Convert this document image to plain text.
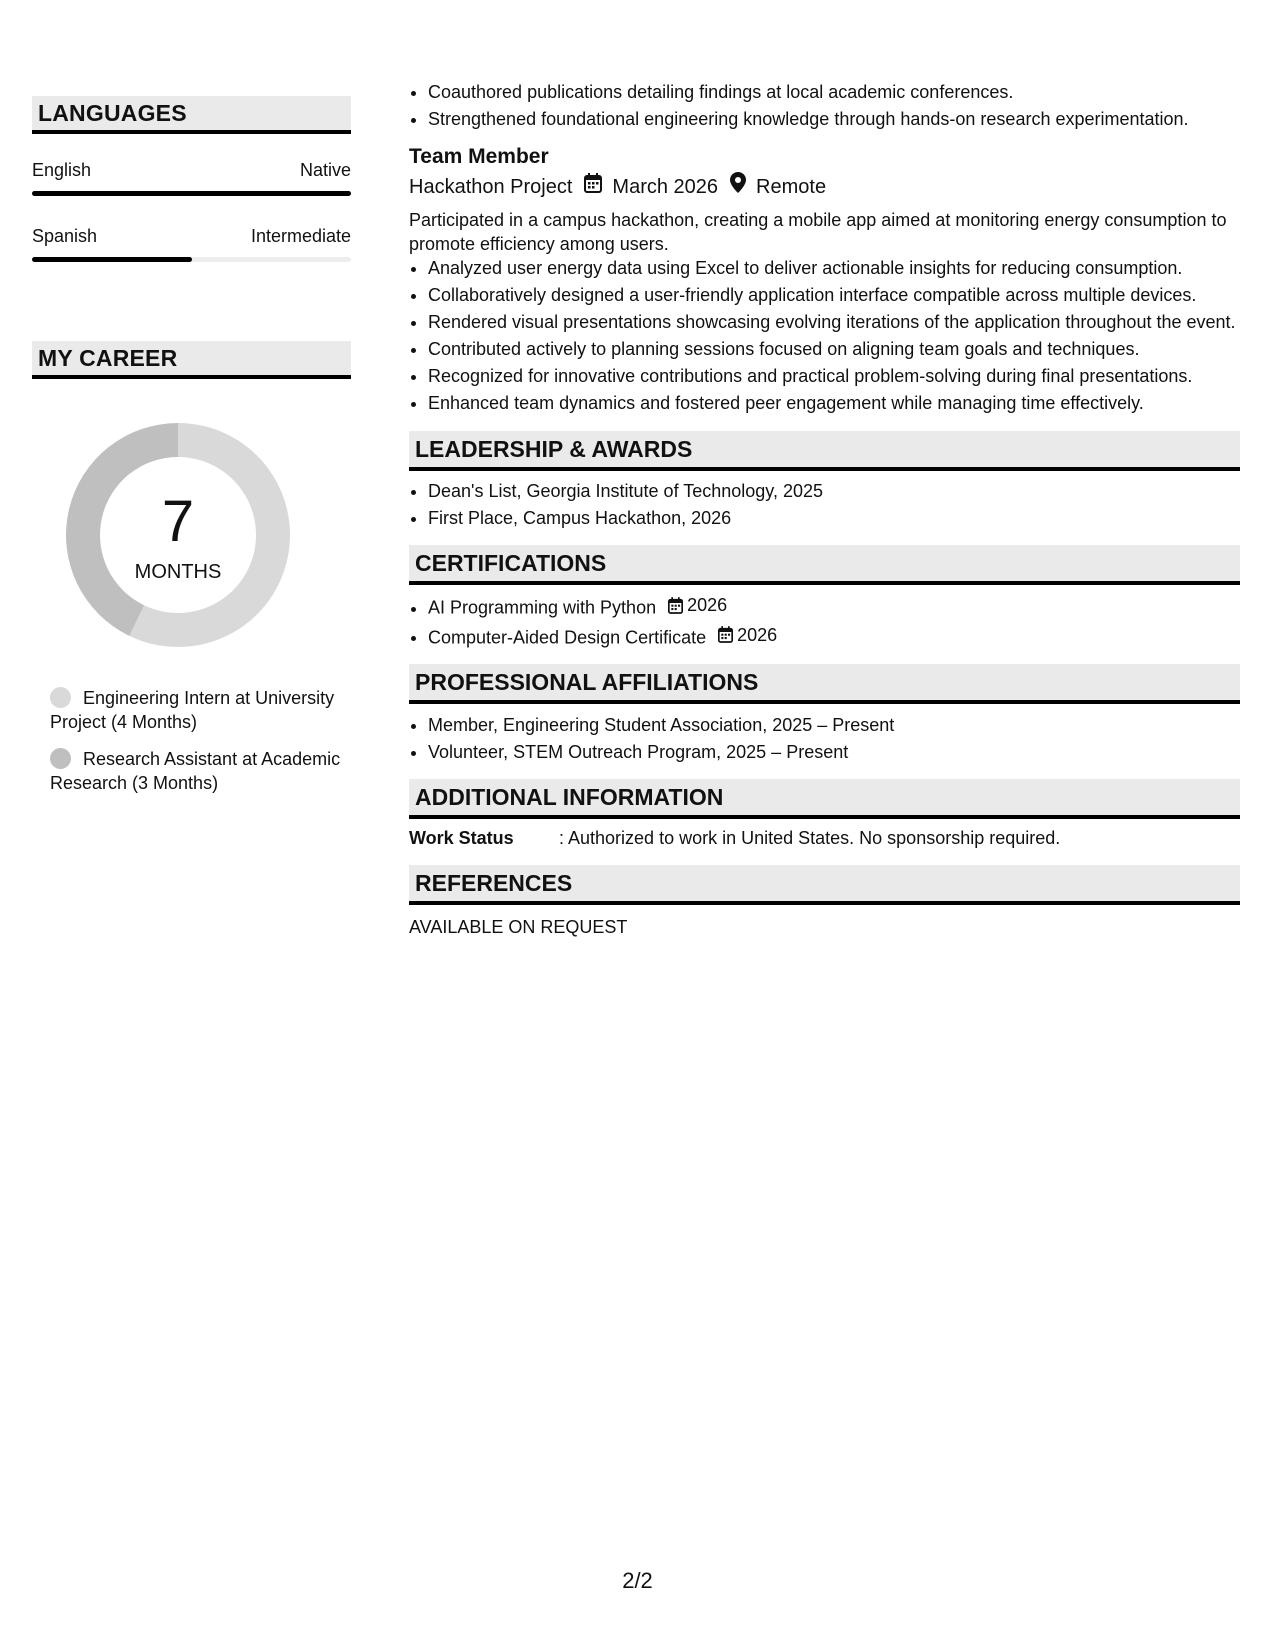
LANGUAGES
English	Native
Spanish	Intermediate
MY CAREER
7
MONTHS
Engineering Intern at University Project (4 Months)
Research Assistant at Academic Research (3 Months)
• Coauthored publications detailing findings at local academic conferences.
• Strengthened foundational engineering knowledge through hands-on research experimentation.
Team Member
Hackathon Project March 2026 Remote
Participated in a campus hackathon, creating a mobile app aimed at monitoring energy consumption to promote efficiency among users.
• Analyzed user energy data using Excel to deliver actionable insights for reducing consumption.
• Collaboratively designed a user-friendly application interface compatible across multiple devices.
• Rendered visual presentations showcasing evolving iterations of the application throughout the event.
• Contributed actively to planning sessions focused on aligning team goals and techniques.
• Recognized for innovative contributions and practical problem-solving during final presentations.
• Enhanced team dynamics and fostered peer engagement while managing time effectively.
LEADERSHIP & AWARDS
• Dean's List, Georgia Institute of Technology, 2025
• First Place, Campus Hackathon, 2026
CERTIFICATIONS
• AI Programming with Python 2026
• Computer-Aided Design Certificate 2026
PROFESSIONAL AFFILIATIONS
• Member, Engineering Student Association, 2025 – Present
• Volunteer, STEM Outreach Program, 2025 – Present
ADDITIONAL INFORMATION
Work Status	: Authorized to work in United States. No sponsorship required.
REFERENCES
AVAILABLE ON REQUEST
2/2
